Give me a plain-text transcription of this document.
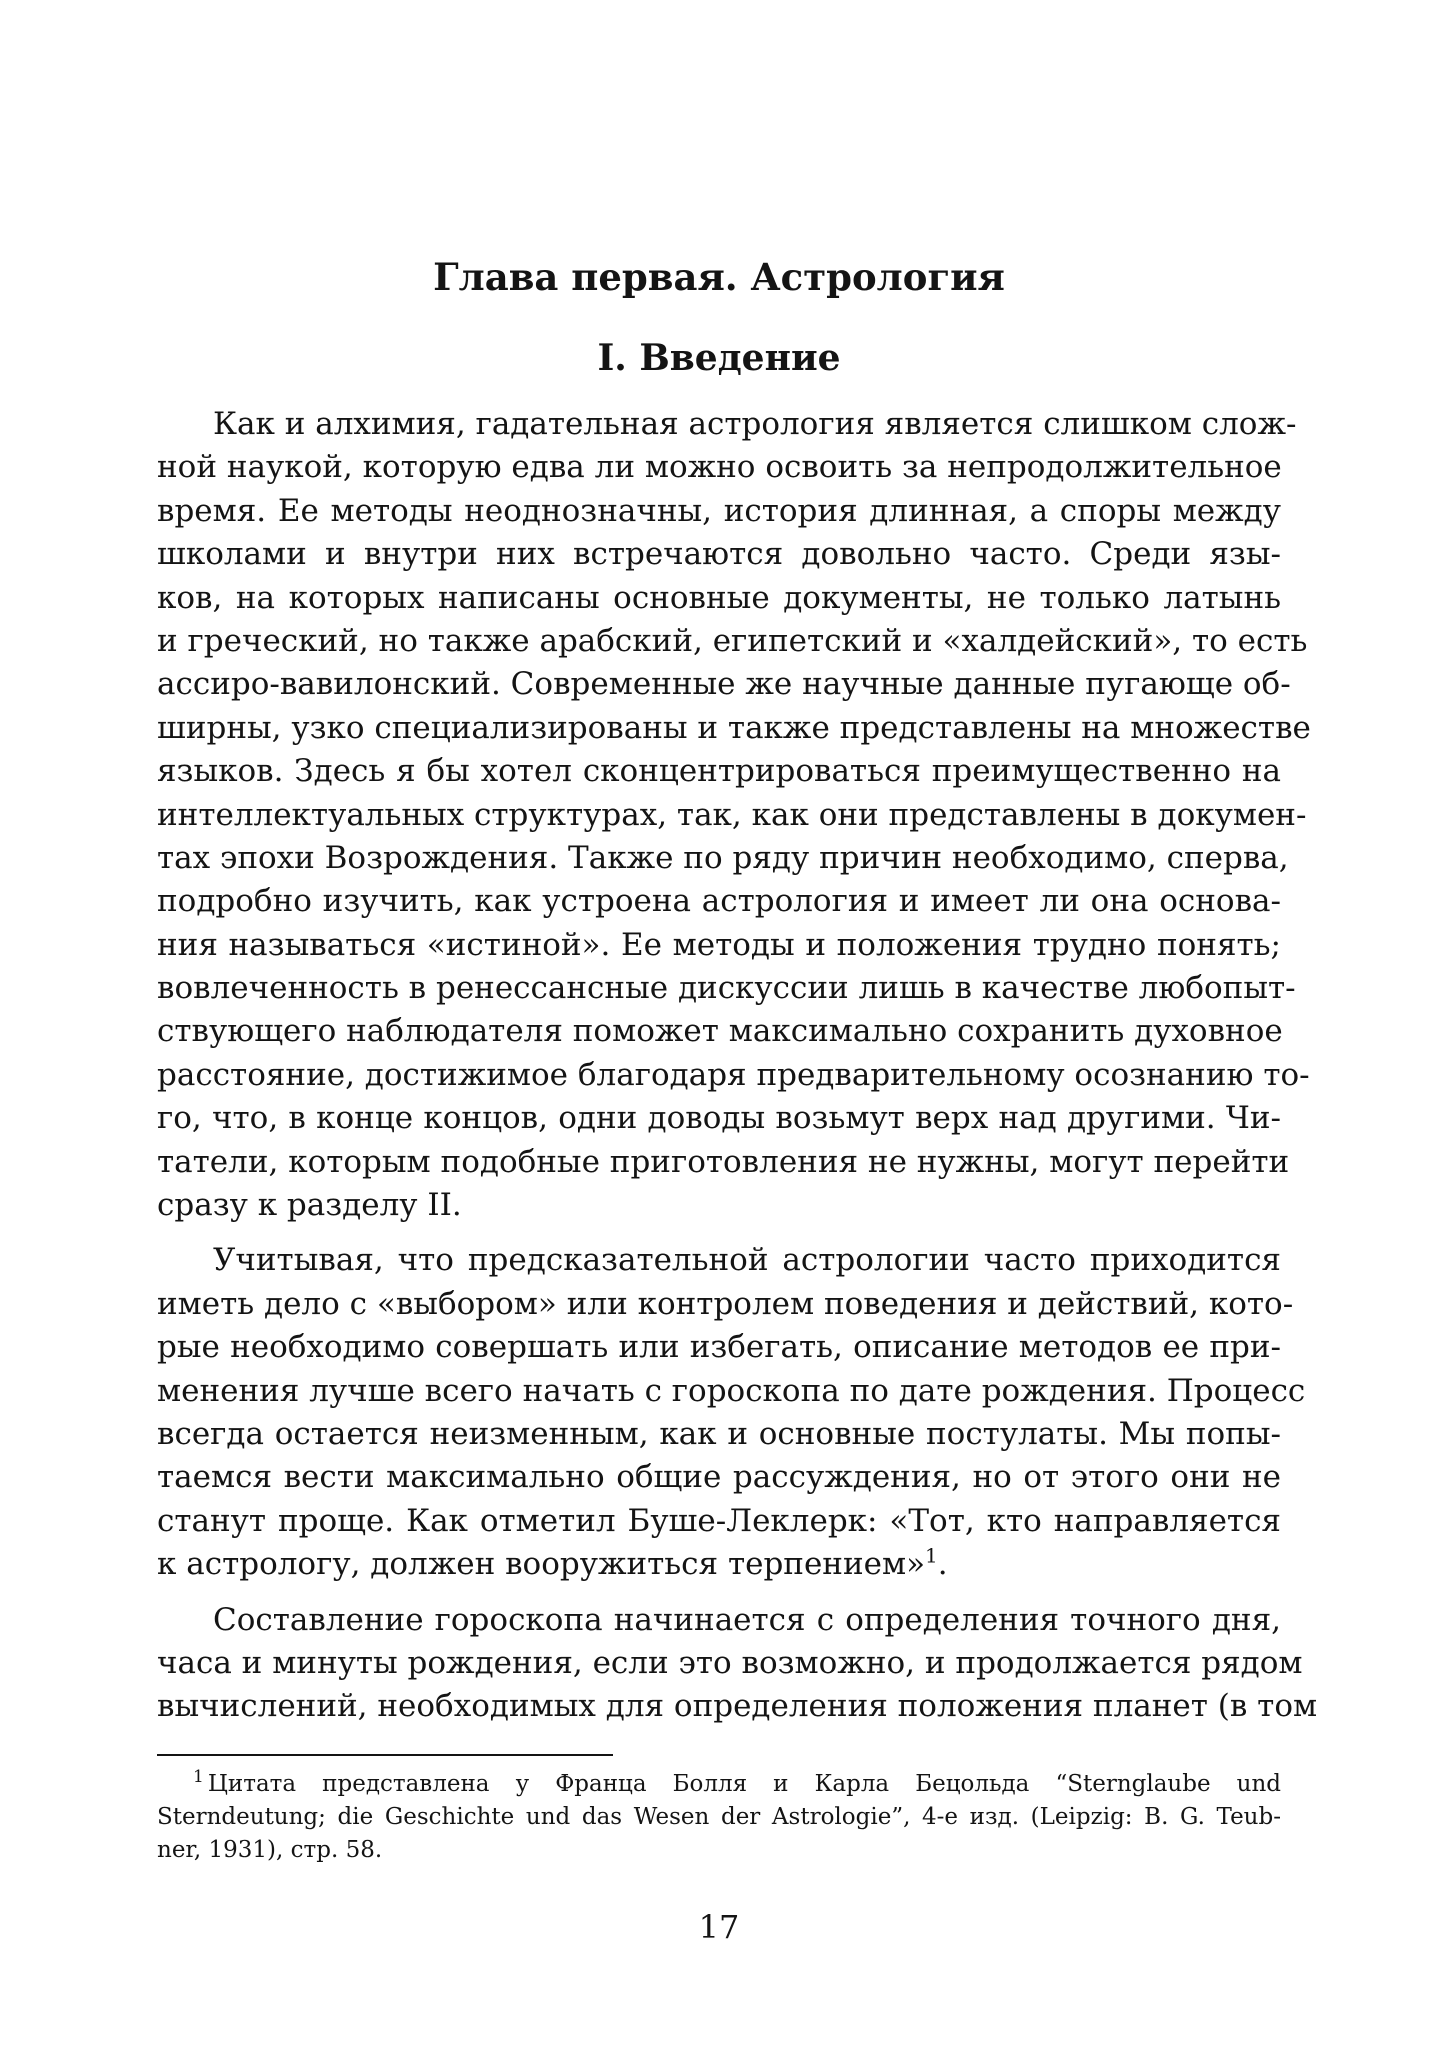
Глава первая. Астрология
I. Введение
Как и алхимия, гадательная астрология является слишком слож-
ной наукой, которую едва ли можно освоить за непродолжительное
время. Ее методы неоднозначны, история длинная, а споры между
школами и внутри них встречаются довольно часто. Среди язы-
ков, на которых написаны основные документы, не только латынь
и греческий, но также арабский, египетский и «халдейский», то есть
ассиро-вавилонский. Современные же научные данные пугающе об-
ширны, узко специализированы и также представлены на множестве
языков. Здесь я бы хотел сконцентрироваться преимущественно на
интеллектуальных структурах, так, как они представлены в докумен-
тах эпохи Возрождения. Также по ряду причин необходимо, сперва,
подробно изучить, как устроена астрология и имеет ли она основа-
ния называться «истиной». Ее методы и положения трудно понять;
вовлеченность в ренессансные дискуссии лишь в качестве любопыт-
ствующего наблюдателя поможет максимально сохранить духовное
расстояние, достижимое благодаря предварительному осознанию то-
го, что, в конце концов, одни доводы возьмут верх над другими. Чи-
татели, которым подобные приготовления не нужны, могут перейти
сразу к разделу II.
Учитывая, что предсказательной астрологии часто приходится
иметь дело с «выбором» или контролем поведения и действий, кото-
рые необходимо совершать или избегать, описание методов ее при-
менения лучше всего начать с гороскопа по дате рождения. Процесс
всегда остается неизменным, как и основные постулаты. Мы попы-
таемся вести максимально общие рассуждения, но от этого они не
станут проще. Как отметил Буше-Леклерк: «Тот, кто направляется
к астрологу, должен вооружиться терпением»$^1$.
Составление гороскопа начинается с определения точного дня,
часа и минуты рождения, если это возможно, и продолжается рядом
вычислений, необходимых для определения положения планет (в том
$^1$ Цитата представлена у Франца Болля и Карла Бецольда “Sternglaube und
Sterndeutung; die Geschichte und das Wesen der Astrologie”, 4-е изд. (Leipzig: B. G. Teub-
ner, 1931), стр. 58.
17
